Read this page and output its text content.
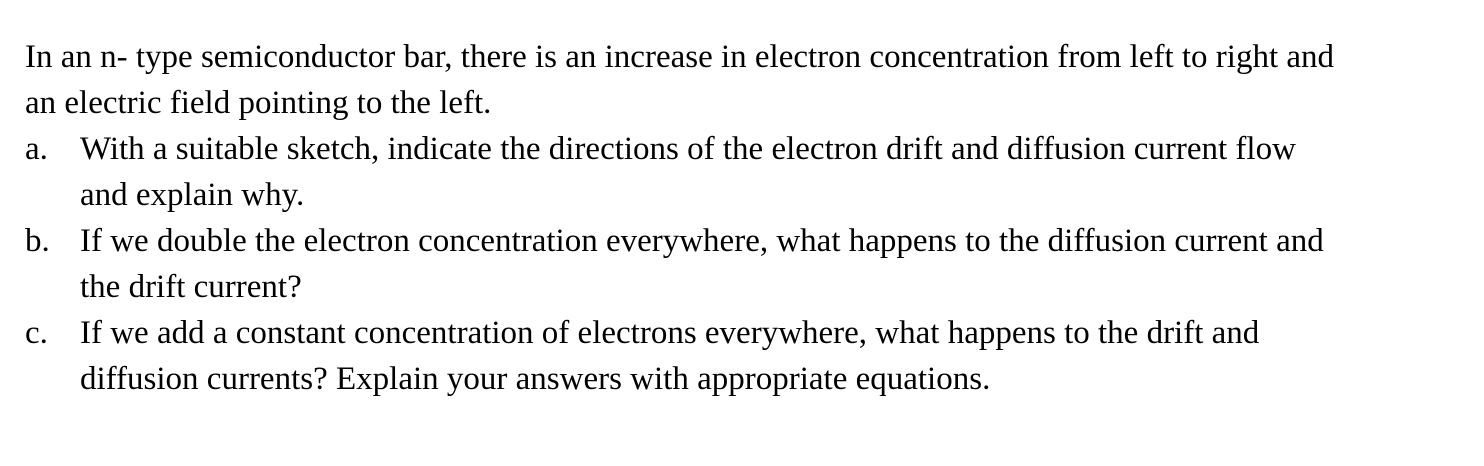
In an n- type semiconductor bar, there is an increase in electron concentration from left to right and an electric field pointing to the left.

a. With a suitable sketch, indicate the directions of the electron drift and diffusion current flow and explain why.
b. If we double the electron concentration everywhere, what happens to the diffusion current and the drift current?
c. If we add a constant concentration of electrons everywhere, what happens to the drift and diffusion currents? Explain your answers with appropriate equations.
